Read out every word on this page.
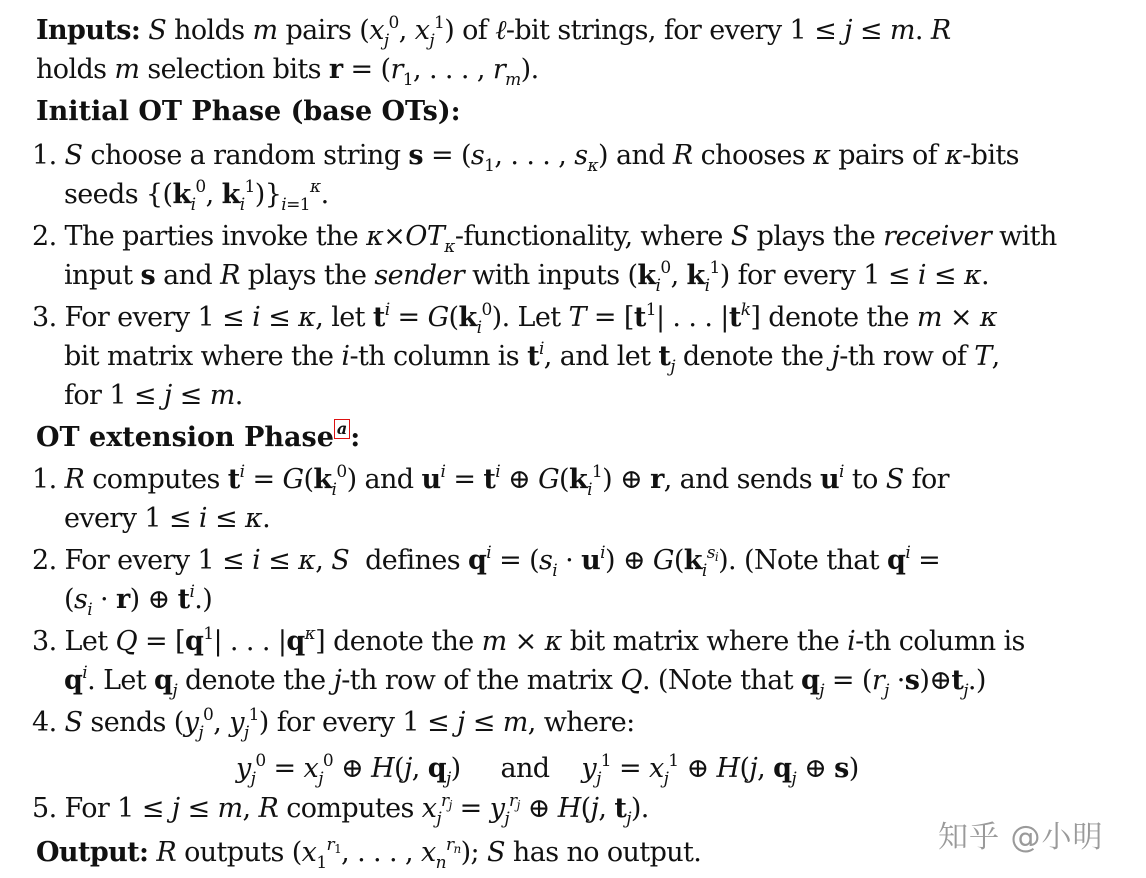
Inputs: S holds m pairs ($x_j^0$, $x_j^1$) of ℓ-bit strings, for every 1 ≤ j ≤ m. R
holds m selection bits $r = (r_1$, . . . , $r_m$).
Initial OT Phase (base OTs):
1. S choose a random string $s = (s_1$, . . . , $s_\kappa$) and R chooses κ pairs of κ-bits
seeds {($k_i^0$, $k_i^1)\}_{i=1}^\kappa$.
2. The parties invoke the $\kappa\times OT_\kappa$-functionality, where S plays the receiver with
input s and R plays the sender with inputs ($k_i^0$, $k_i^1$) for every 1 ≤ i ≤ κ.
3. For every 1 ≤ i ≤ κ, let $t^i = G(k_i^0)$. Let $T = [t^1|$ . . . $|t^k$] denote the m × κ
bit matrix where the i-th column is $t^i$, and let $t_j$ denote the j-th row of T,
for 1 ≤ j ≤ m.
OT extension Phase a :
1. R computes $t^i = G(k_i^0)$ and $u^i = t^i$ ⊕ $G(k_i^1)$ ⊕ r, and sends $u^i$ to S for
every 1 ≤ i ≤ κ.
2. For every 1 ≤ i ≤ κ, S  defines $q^i = (s_i \cdot u^i)$ ⊕ $G(k_i^{s_i})$. (Note that $q^i$ =
$(s_i \cdot r)$ ⊕ $t^i$.)
3. Let $Q = [q^1|$ . . . $|q^\kappa$] denote the m × κ bit matrix where the i-th column is
$q^i$. Let $q_j$ denote the j-th row of the matrix Q. (Note that $q_j = (r_j$ $\cdot s)\oplus t_j$.)
4. S sends ($y_j^0$, $y_j^1$) for every 1 ≤ j ≤ m, where:
$y_j^0 = x_j^0$ ⊕ H(j, $q_j$)     and    $y_j^1 = x_j^1$ ⊕ H(j, $q_j$ ⊕ s)
5. For 1 ≤ j ≤ m, R computes $x_j^{r_j} = y_j^{r_j}$ ⊕ H(j, $t_j$).
Output: R outputs ($x_1^{r_1}$, . . . , $x_n^{r_n}$); S has no output.	知乎 @小明
